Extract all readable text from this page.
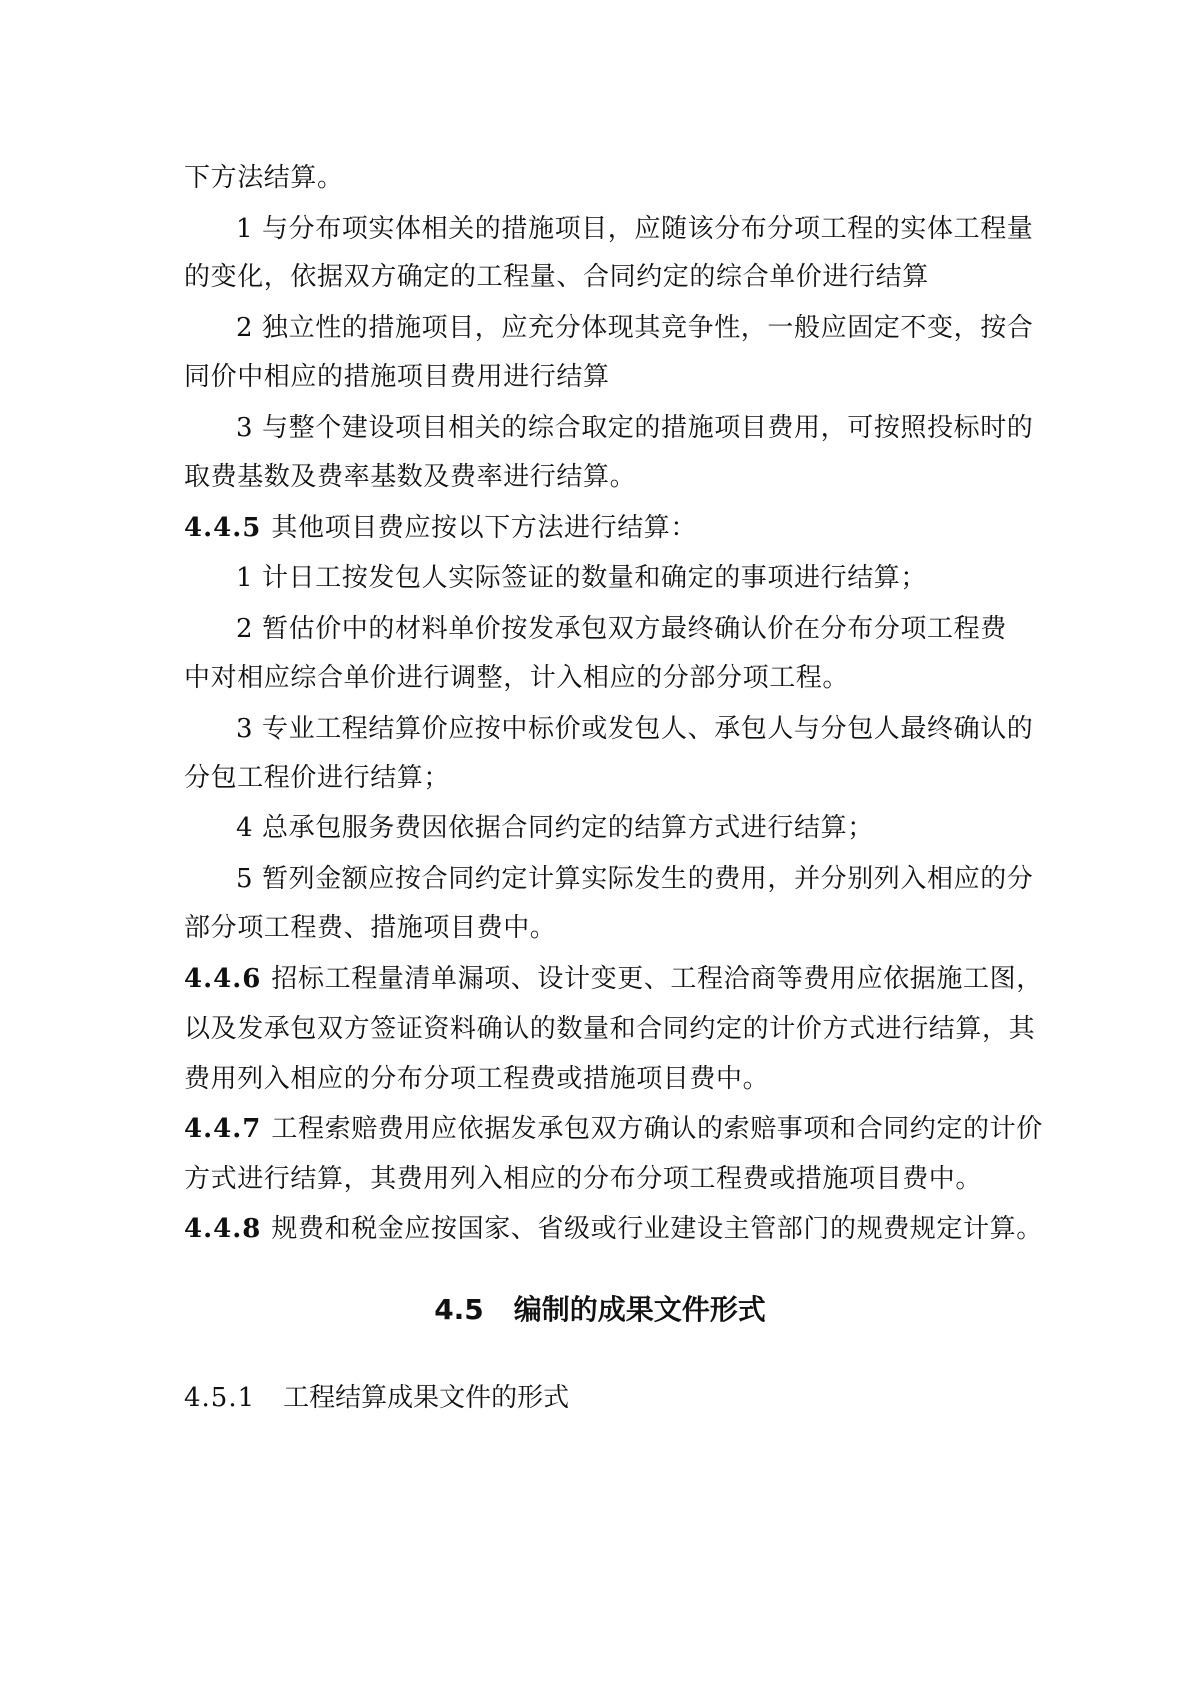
下方法结算。
1 与分布项实体相关的措施项目，应随该分布分项工程的实体工程量
的变化，依据双方确定的工程量、合同约定的综合单价进行结算
2 独立性的措施项目，应充分体现其竞争性，一般应固定不变，按合
同价中相应的措施项目费用进行结算
3 与整个建设项目相关的综合取定的措施项目费用，可按照投标时的
取费基数及费率基数及费率进行结算。
4.4.5 其他项目费应按以下方法进行结算：
1 计日工按发包人实际签证的数量和确定的事项进行结算；
2 暂估价中的材料单价按发承包双方最终确认价在分布分项工程费
中对相应综合单价进行调整，计入相应的分部分项工程。
3 专业工程结算价应按中标价或发包人、承包人与分包人最终确认的
分包工程价进行结算；
4 总承包服务费因依据合同约定的结算方式进行结算；
5 暂列金额应按合同约定计算实际发生的费用，并分别列入相应的分
部分项工程费、措施项目费中。
4.4.6 招标工程量清单漏项、设计变更、工程洽商等费用应依据施工图，
以及发承包双方签证资料确认的数量和合同约定的计价方式进行结算，其
费用列入相应的分布分项工程费或措施项目费中。
4.4.7 工程索赔费用应依据发承包双方确认的索赔事项和合同约定的计价
方式进行结算，其费用列入相应的分布分项工程费或措施项目费中。
4.4.8 规费和税金应按国家、省级或行业建设主管部门的规费规定计算。
4.5 编制的成果文件形式
4.5.1 工程结算成果文件的形式
